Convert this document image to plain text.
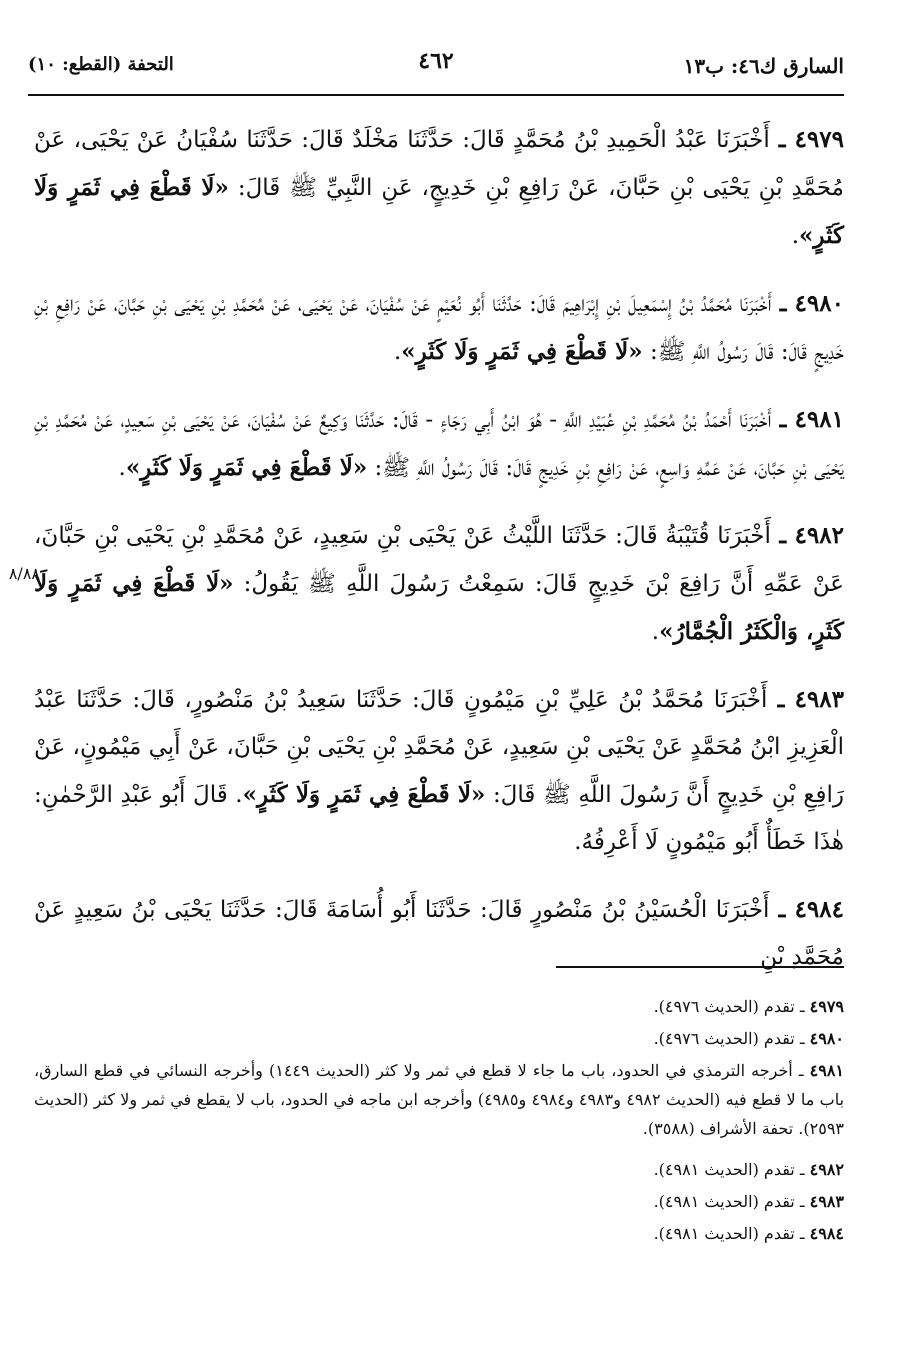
السارق ك٤٦: ب١٣
٤٦٢
التحفة (القطع: ١٠)
٨/٨٨

٤٩٧٩ ـ أَخْبَرَنَا عَبْدُ الْحَمِيدِ بْنُ مُحَمَّدٍ قَالَ: حَدَّثَنَا مَخْلَدٌ قَالَ: حَدَّثَنَا سُفْيَانُ عَنْ يَحْيَى، عَنْ مُحَمَّدِ بْنِ يَحْيَى بْنِ حَبَّانَ، عَنْ رَافِعِ بْنِ خَدِيجٍ، عَنِ النَّبِيِّ ﷺ قَالَ: «لَا قَطْعَ فِي ثَمَرٍ وَلَا كَثَرٍ».

٤٩٨٠ ـ أَخْبَرَنَا مُحَمَّدُ بْنُ إِسْمَعِيلَ بْنِ إِبْرَاهِيمَ قَالَ: حَدَّثَنَا أَبُو نُعَيْمٍ عَنْ سُفْيَانَ، عَنْ يَحْيَى، عَنْ مُحَمَّدِ بْنِ يَحْيَى بْنِ حَبَّانَ، عَنْ رَافِعِ بْنِ خَدِيجٍ قَالَ: قَالَ رَسُولُ اللَّهِ ﷺ: «لَا قَطْعَ فِي ثَمَرٍ وَلَا كَثَرٍ».

٤٩٨١ ـ أَخْبَرَنَا أَحْمَدُ بْنُ مُحَمَّدِ بْنِ عُبَيْدِ اللَّهِ - هُوَ ابْنُ أَبِي رَجَاءٍ - قَالَ: حَدَّثَنَا وَكِيعٌ عَنْ سُفْيَانَ، عَنْ يَحْيَى بْنِ سَعِيدٍ، عَنْ مُحَمَّدِ بْنِ يَحْيَى بْنِ حَبَّانَ، عَنْ عَمِّهِ وَاسِعٍ، عَنْ رَافِعِ بْنِ خَدِيجٍ قَالَ: قَالَ رَسُولُ اللَّهِ ﷺ: «لَا قَطْعَ فِي ثَمَرٍ وَلَا كَثَرٍ».

٤٩٨٢ ـ أَخْبَرَنَا قُتَيْبَةُ قَالَ: حَدَّثَنَا اللَّيْثُ عَنْ يَحْيَى بْنِ سَعِيدٍ، عَنْ مُحَمَّدِ بْنِ يَحْيَى بْنِ حَبَّانَ، عَنْ عَمِّهِ أَنَّ رَافِعَ بْنَ خَدِيجٍ قَالَ: سَمِعْتُ رَسُولَ اللَّهِ ﷺ يَقُولُ: «لَا قَطْعَ فِي ثَمَرٍ وَلَا كَثَرٍ، وَالْكَثَرُ الْجُمَّارُ».

٤٩٨٣ ـ أَخْبَرَنَا مُحَمَّدُ بْنُ عَلِيِّ بْنِ مَيْمُونٍ قَالَ: حَدَّثَنَا سَعِيدُ بْنُ مَنْصُورٍ، قَالَ: حَدَّثَنَا عَبْدُ الْعَزِيزِ ابْنُ مُحَمَّدٍ عَنْ يَحْيَى بْنِ سَعِيدٍ، عَنْ مُحَمَّدِ بْنِ يَحْيَى بْنِ حَبَّانَ، عَنْ أَبِي مَيْمُونٍ، عَنْ رَافِعِ بْنِ خَدِيجٍ أَنَّ رَسُولَ اللَّهِ ﷺ قَالَ: «لَا قَطْعَ فِي ثَمَرٍ وَلَا كَثَرٍ». قَالَ أَبُو عَبْدِ الرَّحْمٰنِ: هٰذَا خَطَأٌ أَبُو مَيْمُونٍ لَا أَعْرِفُهُ.

٤٩٨٤ ـ أَخْبَرَنَا الْحُسَيْنُ بْنُ مَنْصُورٍ قَالَ: حَدَّثَنَا أَبُو أُسَامَةَ قَالَ: حَدَّثَنَا يَحْيَى بْنُ سَعِيدٍ عَنْ مُحَمَّدِ بْنِ

٤٩٧٩ ـ تقدم (الحديث ٤٩٧٦).

٤٩٨٠ ـ تقدم (الحديث ٤٩٧٦).

٤٩٨١ ـ أخرجه الترمذي في الحدود، باب ما جاء لا قطع في ثمر ولا كثر (الحديث ١٤٤٩) وأخرجه النسائي في قطع السارق، باب ما لا قطع فيه (الحديث ٤٩٨٢ و٤٩٨٣ و٤٩٨٤ و٤٩٨٥) وأخرجه ابن ماجه في الحدود، باب لا يقطع في ثمر ولا كثر (الحديث ٢٥٩٣). تحفة الأشراف (٣٥٨٨).

٤٩٨٢ ـ تقدم (الحديث ٤٩٨١).

٤٩٨٣ ـ تقدم (الحديث ٤٩٨١).

٤٩٨٤ ـ تقدم (الحديث ٤٩٨١).
